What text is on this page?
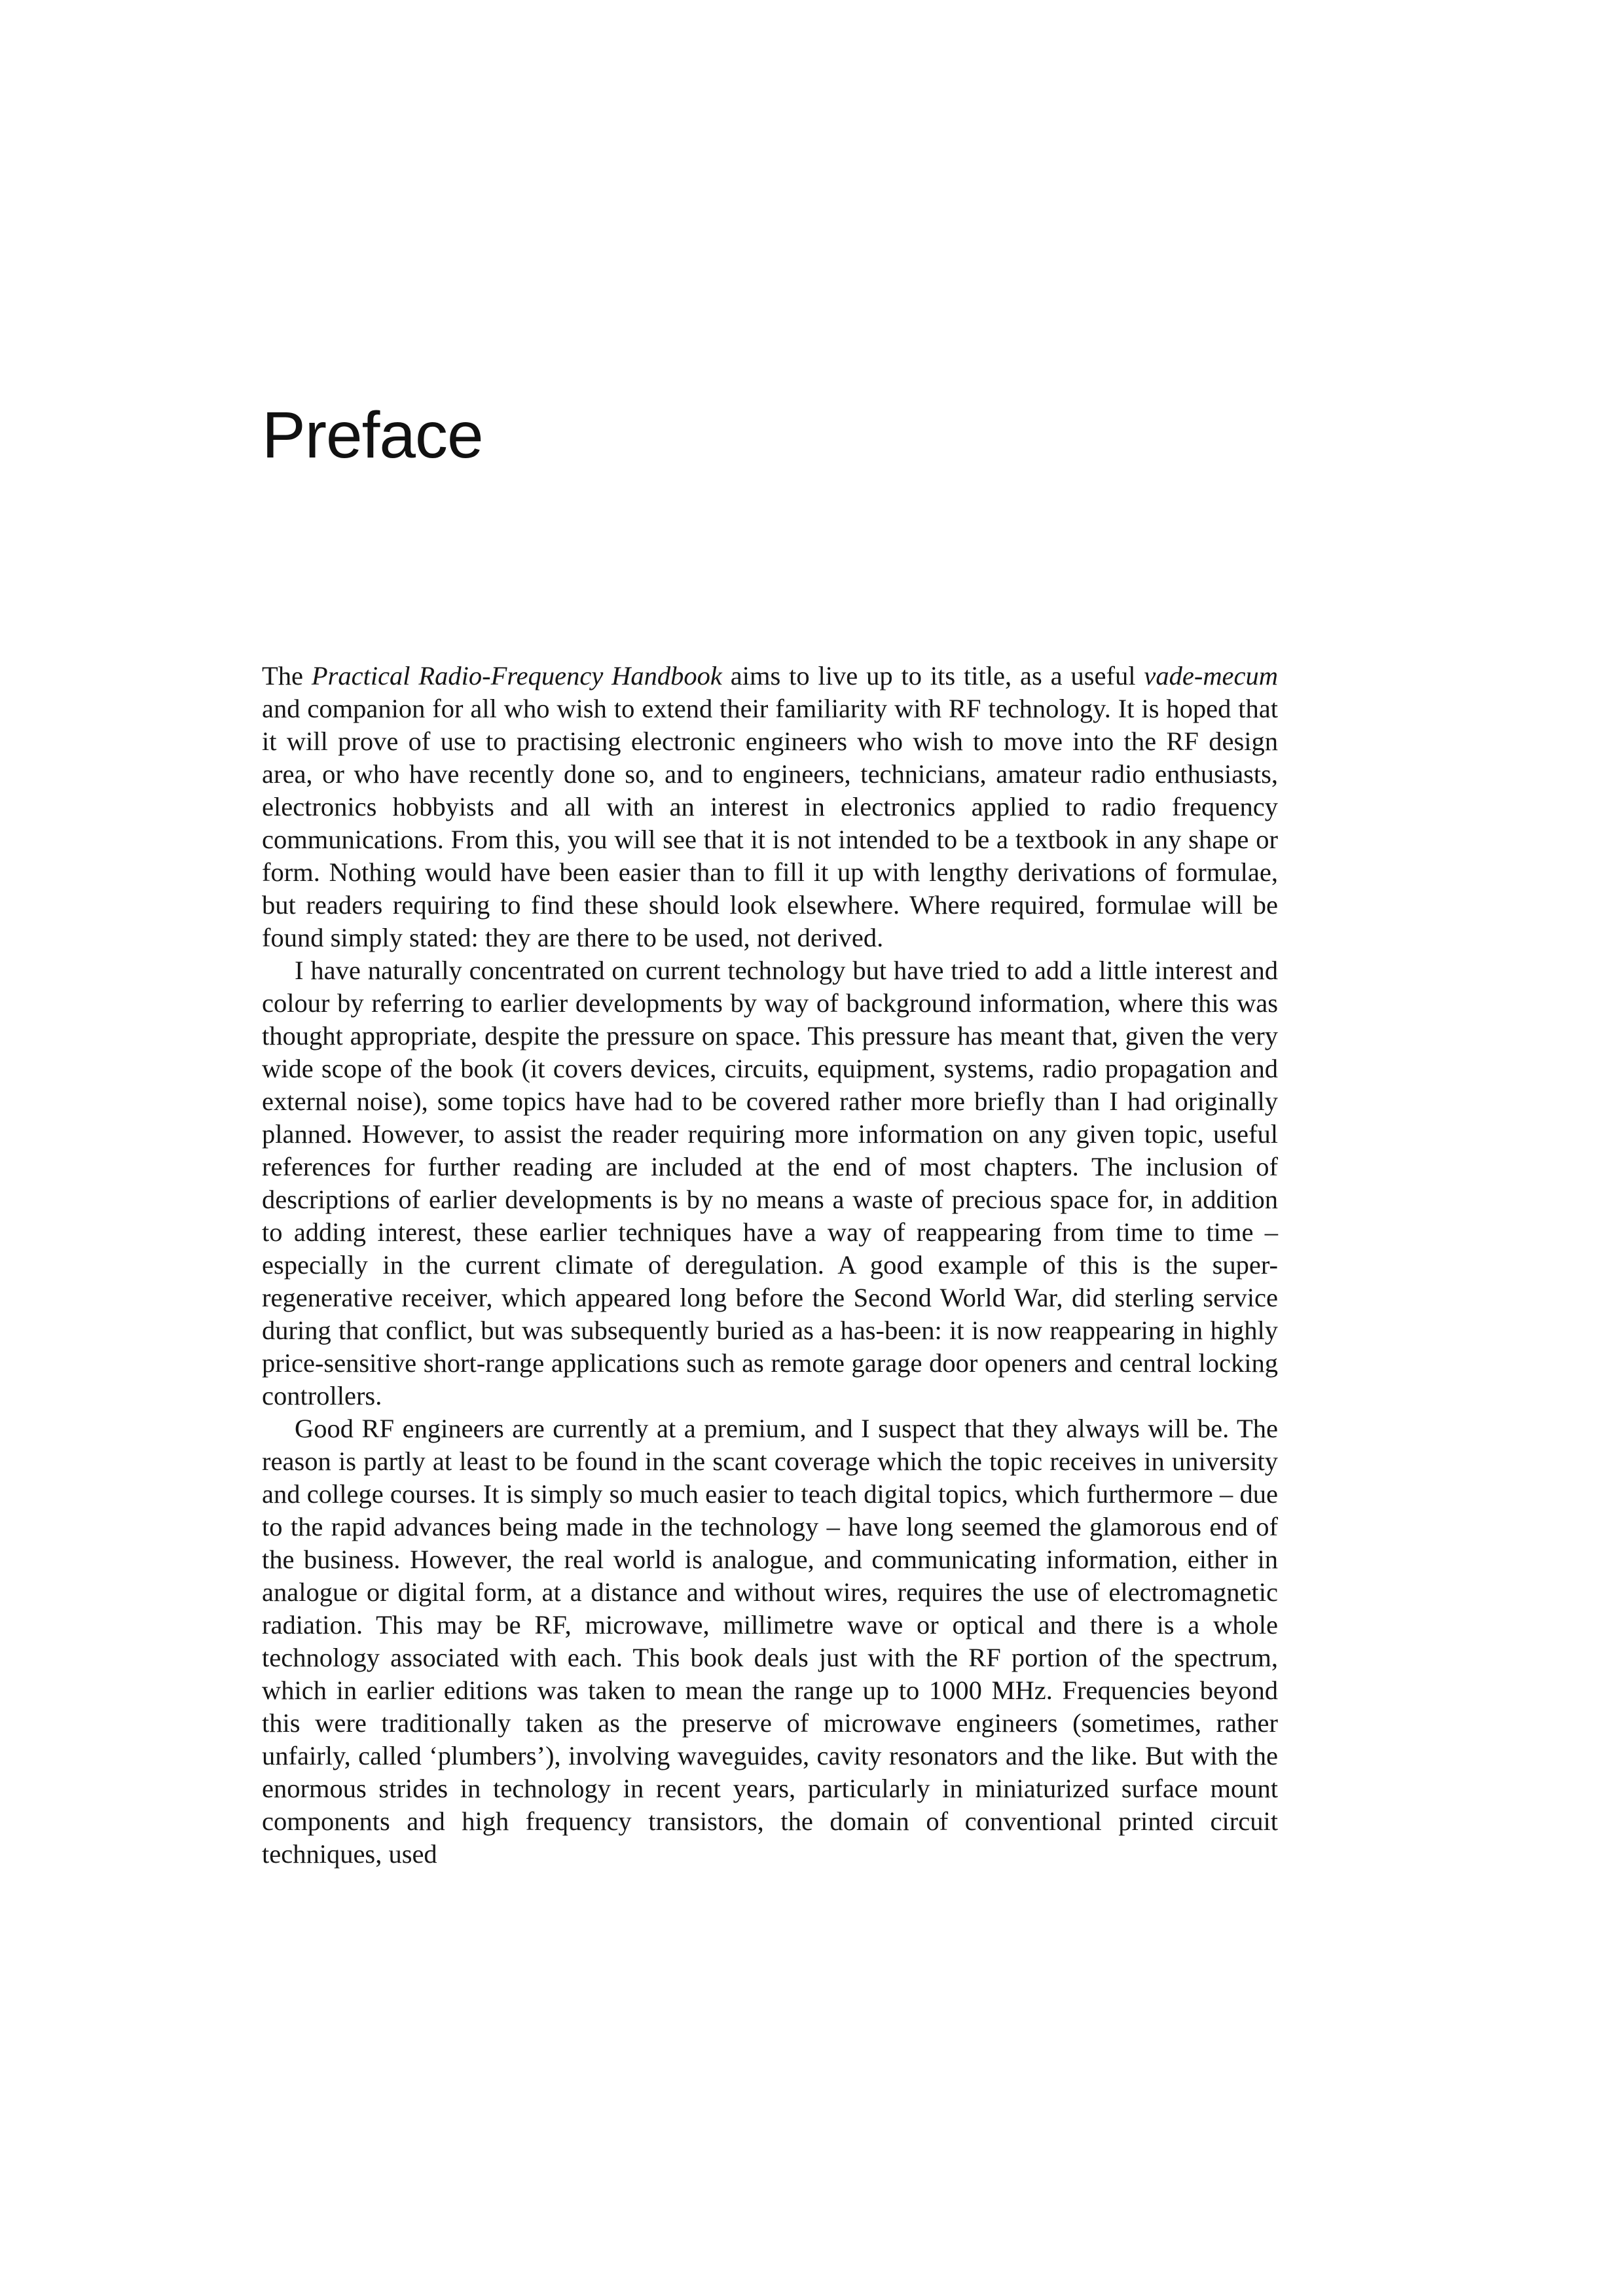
Preface

The Practical Radio-Frequency Handbook aims to live up to its title, as a useful vade-mecum and companion for all who wish to extend their familiarity with RF technology. It is hoped that it will prove of use to practising electronic engineers who wish to move into the RF design area, or who have recently done so, and to engineers, technicians, amateur radio enthusiasts, electronics hobbyists and all with an interest in electronics applied to radio frequency communications. From this, you will see that it is not intended to be a textbook in any shape or form. Nothing would have been easier than to fill it up with lengthy derivations of formulae, but readers requiring to find these should look elsewhere. Where required, formulae will be found simply stated: they are there to be used, not derived.

I have naturally concentrated on current technology but have tried to add a little interest and colour by referring to earlier developments by way of background information, where this was thought appropriate, despite the pressure on space. This pressure has meant that, given the very wide scope of the book (it covers devices, circuits, equipment, systems, radio propagation and external noise), some topics have had to be covered rather more briefly than I had originally planned. However, to assist the reader requiring more information on any given topic, useful references for further reading are included at the end of most chapters. The inclusion of descriptions of earlier developments is by no means a waste of precious space for, in addition to adding interest, these earlier techniques have a way of reappearing from time to time – especially in the current climate of deregulation. A good example of this is the super-regenerative receiver, which appeared long before the Second World War, did sterling service during that conflict, but was subsequently buried as a has-been: it is now reappearing in highly price-sensitive short-range applications such as remote garage door openers and central locking controllers.

Good RF engineers are currently at a premium, and I suspect that they always will be. The reason is partly at least to be found in the scant coverage which the topic receives in university and college courses. It is simply so much easier to teach digital topics, which furthermore – due to the rapid advances being made in the technology – have long seemed the glamorous end of the business. However, the real world is analogue, and communicating information, either in analogue or digital form, at a distance and without wires, requires the use of electromagnetic radiation. This may be RF, microwave, millimetre wave or optical and there is a whole technology associated with each. This book deals just with the RF portion of the spectrum, which in earlier editions was taken to mean the range up to 1000 MHz. Frequencies beyond this were traditionally taken as the preserve of microwave engineers (sometimes, rather unfairly, called ‘plumbers’), involving waveguides, cavity resonators and the like. But with the enormous strides in technology in recent years, particularly in miniaturized surface mount components and high frequency transistors, the domain of conventional printed circuit techniques, used
